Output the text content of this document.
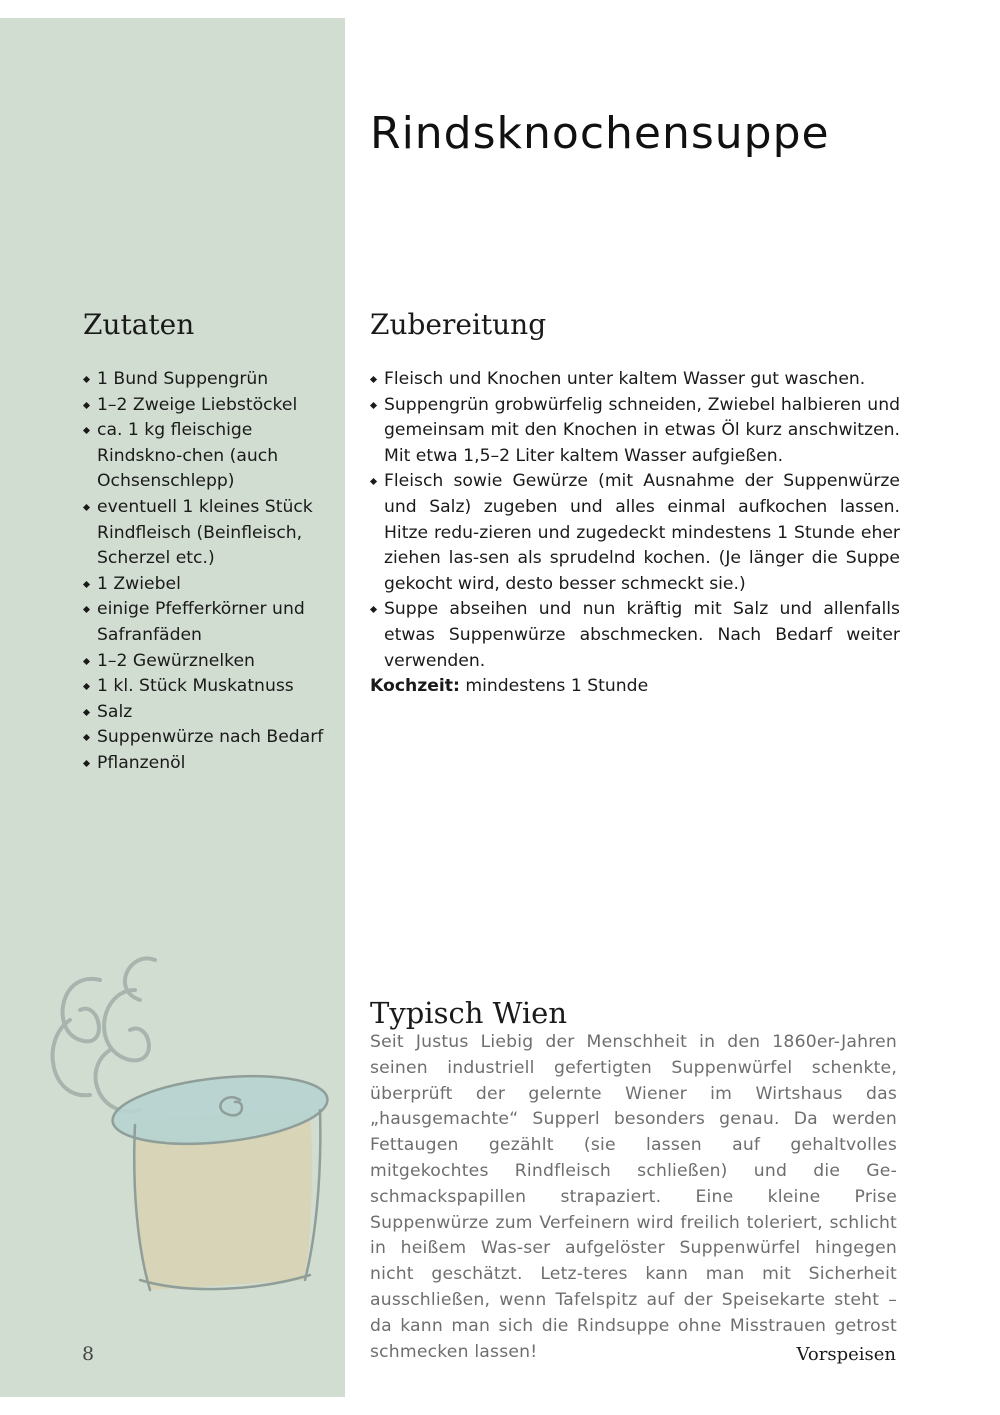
Rindsknochensuppe
Zutaten
1 Bund Suppengrün
1–2 Zweige Liebstöckel
ca. 1 kg fleischige Rindskno-chen (auch Ochsenschlepp)
eventuell 1 kleines Stück Rindfleisch (Beinfleisch, Scherzel etc.)
1 Zwiebel
einige Pfefferkörner und Safranfäden
1–2 Gewürznelken
1 kl. Stück Muskatnuss
Salz
Suppenwürze nach Bedarf
Pflanzenöl
Zubereitung
Fleisch und Knochen unter kaltem Wasser gut waschen.
Suppengrün grobwürfelig schneiden, Zwiebel halbieren und gemeinsam mit den Knochen in etwas Öl kurz anschwitzen. Mit etwa 1,5–2 Liter kaltem Wasser aufgießen.
Fleisch sowie Gewürze (mit Ausnahme der Suppenwürze und Salz) zugeben und alles einmal aufkochen lassen. Hitze redu-zieren und zugedeckt mindestens 1 Stunde eher ziehen las-sen als sprudelnd kochen. (Je länger die Suppe gekocht wird, desto besser schmeckt sie.)
Suppe abseihen und nun kräftig mit Salz und allenfalls etwas Suppenwürze abschmecken. Nach Bedarf weiter verwenden.
Kochzeit: mindestens 1 Stunde
Typisch Wien

Seit Justus Liebig der Menschheit in den 1860er-Jahren seinen industriell gefertigten Suppenwürfel schenkte, überprüft der gelernte Wiener im Wirtshaus das „hausgemachte“ Supperl besonders genau. Da werden Fettaugen gezählt (sie lassen auf gehaltvolles mitgekochtes Rindfleisch schließen) und die Ge-schmackspapillen strapaziert. Eine kleine Prise Suppenwürze zum Verfeinern wird freilich toleriert, schlicht in heißem Was-ser aufgelöster Suppenwürfel hingegen nicht geschätzt. Letz-teres kann man mit Sicherheit ausschließen, wenn Tafelspitz auf der Speisekarte steht – da kann man sich die Rindsuppe ohne Misstrauen getrost schmecken lassen!

8	Vorspeisen
